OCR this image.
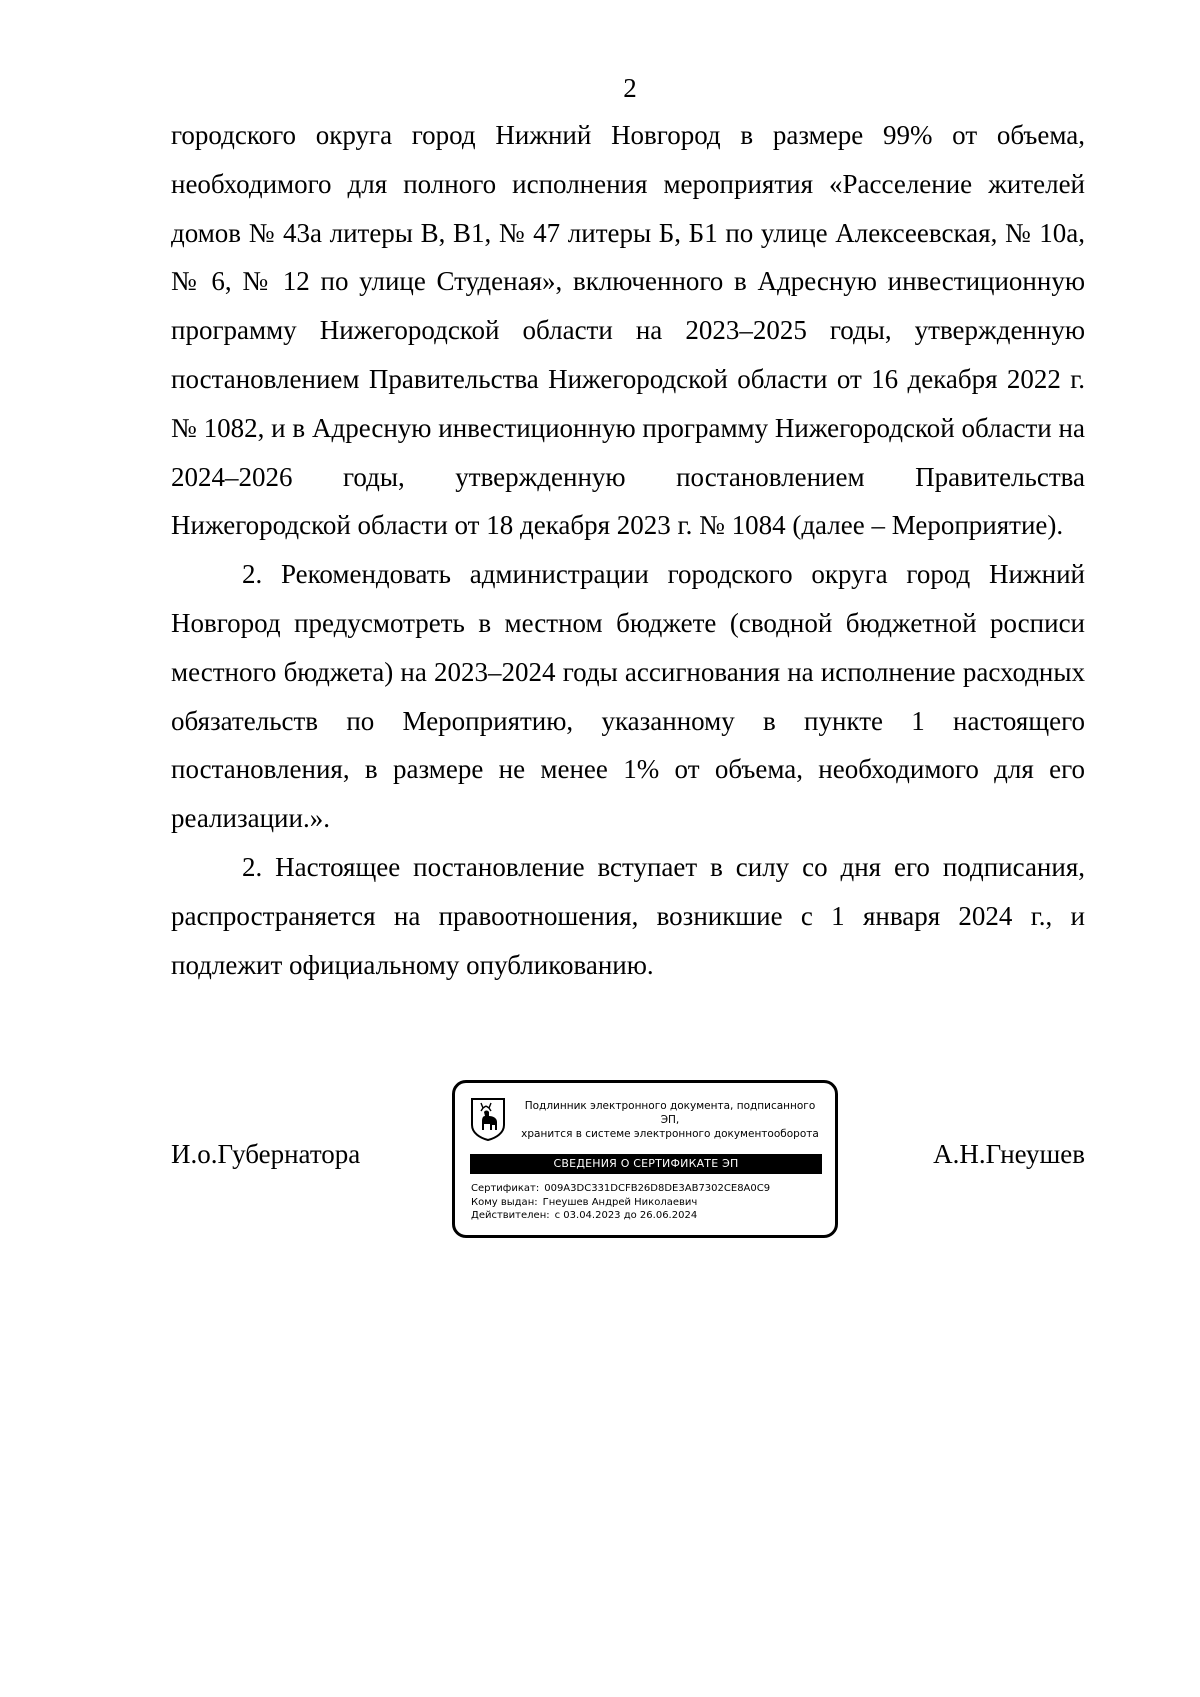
2

городского округа город Нижний Новгород в размере 99% от объема, необходимого для полного исполнения мероприятия «Расселение жителей домов № 43а литеры В, В1, № 47 литеры Б, Б1 по улице Алексеевская, № 10а, № 6, № 12 по улице Студеная», включенного в Адресную инвестиционную программу Нижегородской области на 2023–2025 годы, утвержденную постановлением Правительства Нижегородской области от 16 декабря 2022 г. № 1082, и в Адресную инвестиционную программу Нижегородской области на 2024–2026 годы, утвержденную постановлением Правительства Нижегородской области от 18 декабря 2023 г. № 1084 (далее – Мероприятие).

2. Рекомендовать администрации городского округа город Нижний Новгород предусмотреть в местном бюджете (сводной бюджетной росписи местного бюджета) на 2023–2024 годы ассигнования на исполнение расходных обязательств по Мероприятию, указанному в пункте 1 настоящего постановления, в размере не менее 1% от объема, необходимого для его реализации.».

2. Настоящее постановление вступает в силу со дня его подписания, распространяется на правоотношения, возникшие с 1 января 2024 г., и подлежит официальному опубликованию.

И.о.Губернатора
Подлинник электронного документа, подписанного ЭП,
хранится в системе электронного документооборота
СВЕДЕНИЯ О СЕРТИФИКАТЕ ЭП
Сертификат: 009A3DC331DCFB26D8DE3AB7302CE8A0C9
Кому выдан: Гнеушев Андрей Николаевич
Действителен: с 03.04.2023 до 26.06.2024
А.Н.Гнеушев
